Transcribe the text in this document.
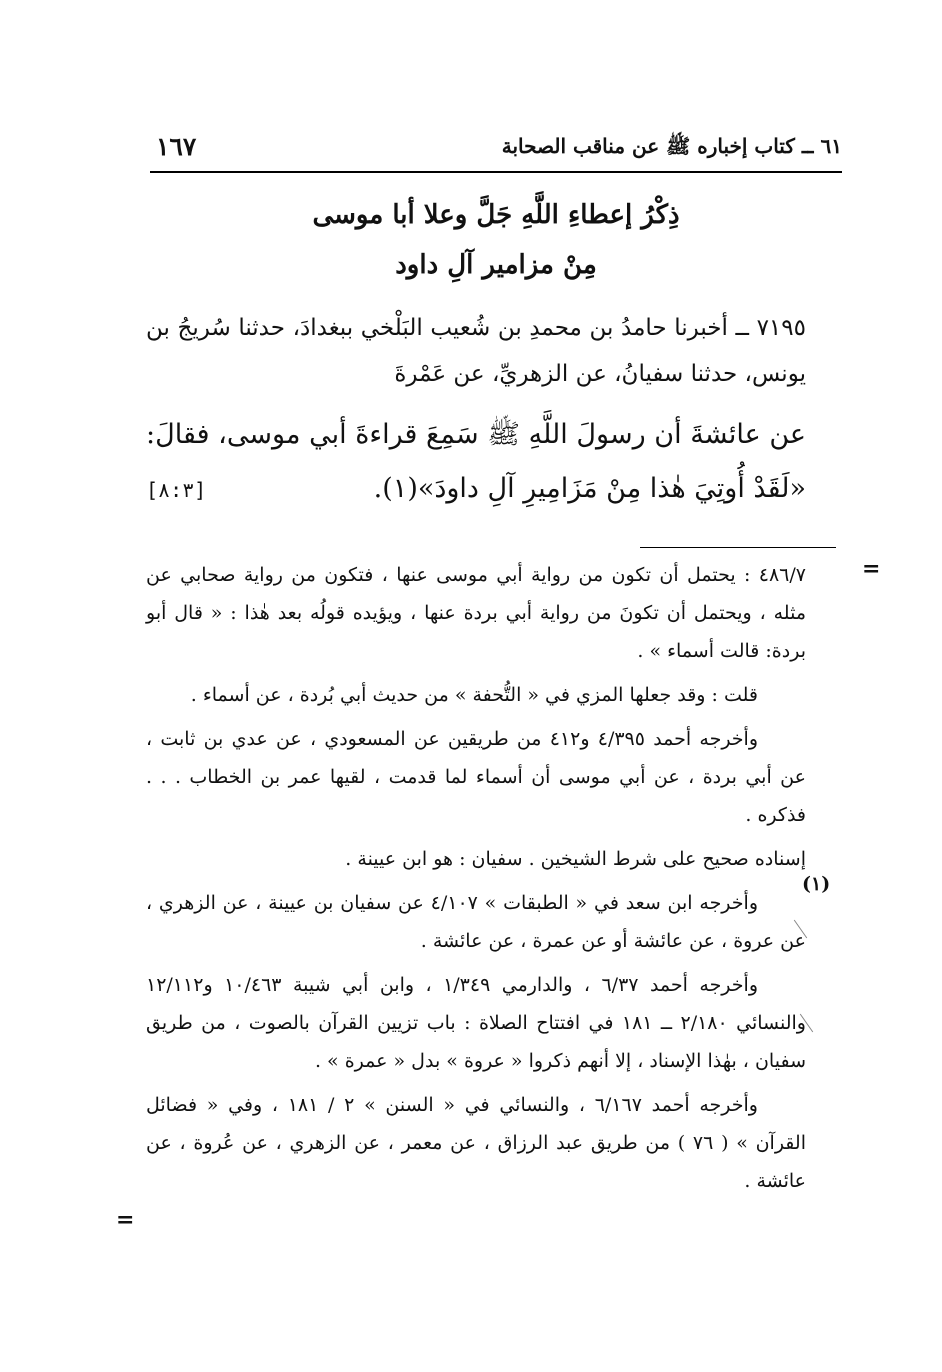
١٦٧	٦١ ــ كتاب إخباره ﷺ عن مناقب الصحابة
ذِكْرُ إعطاءِ اللَّهِ جَلَّ وعلا أبا موسى
مِنْ مزامير آلِ داود
٧١٩٥ ــ أخبرنا حامدُ بن محمدِ بن شُعيب البَلْخي ببغدادَ، حدثنا سُريجُ بن يونس، حدثنا سفيانُ، عن الزهريِّ، عن عَمْرةَ
عن عائشةَ أن رسولَ اللَّهِ ﷺ سَمِعَ قراءةَ أبي موسى، فقالَ: «لَقَدْ أُوتِيَ هٰذا مِنْ مَزَامِيرِ آلِ داودَ»(١).
[٨:٣]
=
=

٤٨٦/٧ : يحتمل أن تكون من رواية أبي موسى عنها ، فتكون من رواية صحابي عن مثله ، ويحتمل أن تكونَ من رواية أبي بردة عنها ، ويؤيده قولُه بعد هٰذا : « قال أبو بردة: قالت أسماء » .

قلت : وقد جعلها المزي في « التُّحفة » من حديث أبي بُردة ، عن أسماء .

وأخرجه أحمد ٤/٣٩٥ و٤١٢ من طريقين عن المسعودي ، عن عدي بن ثابت ، عن أبي بردة ، عن أبي موسى أن أسماء لما قدمت ، لقيها عمر بن الخطاب . . . فذكره .

إسناده صحيح على شرط الشيخين . سفيان : هو ابن عيينة .

وأخرجه ابن سعد في « الطبقات » ٤/١٠٧ عن سفيان بن عيينة ، عن الزهري ، عن عروة ، عن عائشة أو عن عمرة ، عن عائشة .

وأخرجه أحمد ٦/٣٧ ، والدارمي ١/٣٤٩ ، وابن أبي شيبة ١٠/٤٦٣ و١٢/١١٢ والنسائي ٢/١٨٠ ــ ١٨١ في افتتاح الصلاة : باب تزيين القرآن بالصوت ، من طريق سفيان ، بهٰذا الإسناد ، إلا أنهم ذكروا « عروة » بدل « عمرة » .

وأخرجه أحمد ٦/١٦٧ ، والنسائي في « السنن » ٢ / ١٨١ ، وفي « فضائل القرآن » ( ٧٦ ) من طريق عبد الرزاق ، عن معمر ، عن الزهري ، عن عُروة ، عن عائشة .

(١)
